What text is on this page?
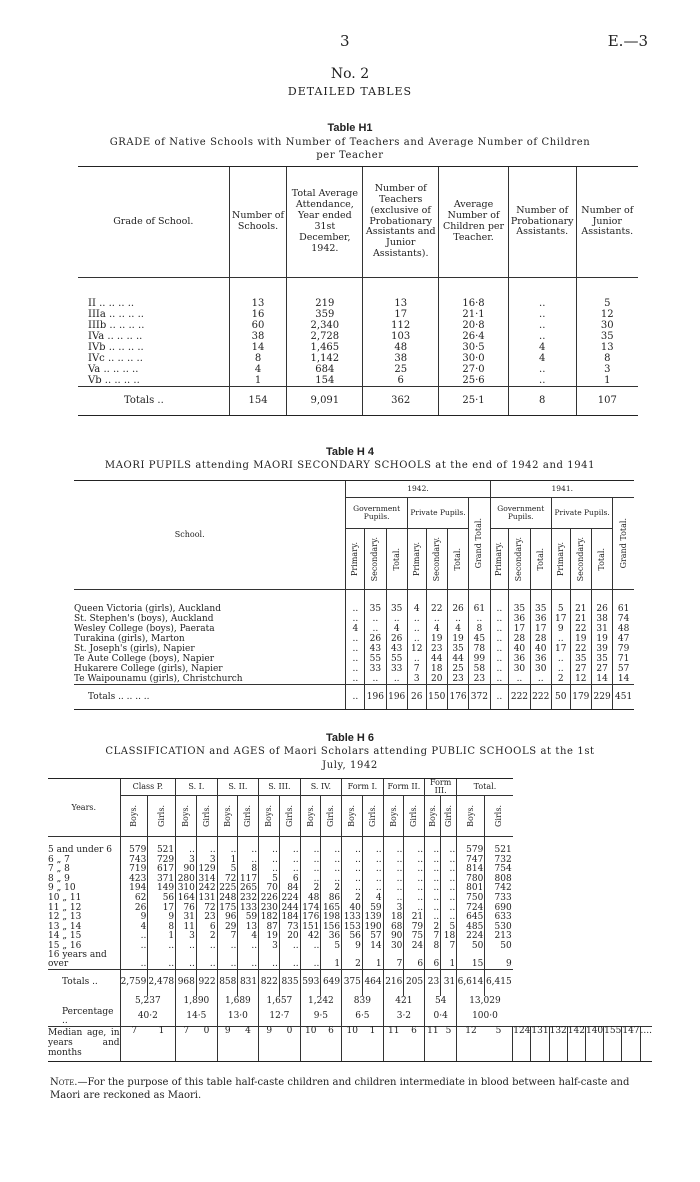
3	E.—3
No. 2
DETAILED TABLES
Table H1
GRADE of Native Schools with Number of Teachers and Average Number of Children
per Teacher
Grade of School.	Number of Schools.	Total Average Attendance, Year ended 31st December, 1942.	Number of Teachers (exclusive of Probationary Assistants and Junior Assistants).	Average Number of Children per Teacher.	Number of Probationary Assistants.	Number of Junior Assistants.
II .. .. .. ..	13	219	13	16·8	..	5
IIIa .. .. .. ..	16	359	17	21·1	..	12
IIIb .. .. .. ..	60	2,340	112	20·8	..	30
IVa .. .. .. ..	38	2,728	103	26·4	..	35
IVb .. .. .. ..	14	1,465	48	30·5	4	13
IVc .. .. .. ..	8	1,142	38	30·0	4	8
Va .. .. .. ..	4	684	25	27·0	..	3
Vb .. .. .. ..	1	154	6	25·6	..	1
Totals ..	154	9,091	362	25·1	8	107
Table H 4
MAORI PUPILS attending MAORI SECONDARY SCHOOLS at the end of 1942 and 1941
School.	1942.							1941.						
	Government Pupils.			Private Pupils.			Grand Total.	Government Pupils.			Private Pupils.			Grand Total.

	Primary.	Secondary.	Total.	Primary.	Secondary.	Total.		Primary.	Secondary.	Total.	Primary.	Secondary.	Total.	

Queen Victoria (girls), Auckland	..	35	35	4	22	26	61	..	35	35	5	21	26	61
St. Stephen's (boys), Auckland	..	..	..	..	..	..	..	..	36	36	17	21	38	74
Wesley College (boys), Paerata	4	..	4	..	4	4	8	..	17	17	9	22	31	48
Turakina (girls), Marton	..	26	26	..	19	19	45	..	28	28	..	19	19	47
St. Joseph's (girls), Napier	..	43	43	12	23	35	78	..	40	40	17	22	39	79
Te Aute College (boys), Napier	..	55	55	..	44	44	99	..	36	36	..	35	35	71
Hukarere College (girls), Napier	..	33	33	7	18	25	58	..	30	30	..	27	27	57
Te Waipounamu (girls), Christchurch	..	..	..	3	20	23	23	..	..	..	2	12	14	14
Totals .. .. .. ..	..	196	196	26	150	176	372	..	222	222	50	179	229	451
Table H 6
CLASSIFICATION and AGES of Maori Scholars attending PUBLIC SCHOOLS at the 1st
July, 1942
Years.	Class P.		S. I.		S. II.		S. III.		S. IV.		Form I.		Form II.		Form III.		Total.																	

	Boys.	Girls.	Boys.	Girls.	Boys.	Girls.	Boys.	Girls.	Boys.	Girls.	Boys.	Girls.	Boys.	Girls.	Boys.	Girls.	Boys.	Girls.																

5 and under 6	579	521	..	..	..	..	..	..	..	..	..	..	..	..	..	..	579	521																
6 „ 7	743	729	3	3	1	..	..	..	..	..	..	..	..	..	..	..	747	732																
7 „ 8	719	617	90	129	5	8	..	..	..	..	..	..	..	..	..	..	814	754																
8 „ 9	423	371	280	314	72	117	5	6	..	..	..	..	..	..	..	..	780	808																
9 „ 10	194	149	310	242	225	265	70	84	2	2	..	..	..	..	..	..	801	742																
10 „ 11	62	56	164	131	248	232	226	224	48	86	2	4	..	..	..	..	750	733																
11 „ 12	26	17	76	72	175	133	230	244	174	165	40	59	3	..	..	..	724	690																
12 „ 13	9	9	31	23	96	59	182	184	176	198	133	139	18	21	..	..	645	633																
13 „ 14	4	8	11	6	29	13	87	73	151	156	153	190	68	79	2	5	485	530																
14 „ 15	..	1	3	2	7	4	19	20	42	36	56	57	90	75	7	18	224	213																
15 „ 16	..	..	..	..	..	..	3	..	..	5	9	14	30	24	8	7	50	50																
16 years and over	..	..	..	..	..	..	..	..	..	1	2	1	7	6	6	1	15	9																
Totals ..	2,759	2,478	968	922	858	831	822	835	593	649	375	464	216	205	23	31	6,614	6,415																
	5,237		1,890		1,689		1,657		1,242		839		421		54		13,029																	
Percentage ..	40·2		14·5		13·0		12·7		9·5		6·5		3·2		0·4		100·0																	
Median age, in years and months	7	1	7	0	9	4	9	0	10	6	10	1	11	6	11	5	12	5	12	4	13	1	13	2	14	2	14	0	15	5	14	7	..	..
Note.—For the purpose of this table half-caste children and children intermediate in blood between half-caste and Maori are reckoned as Maori.
